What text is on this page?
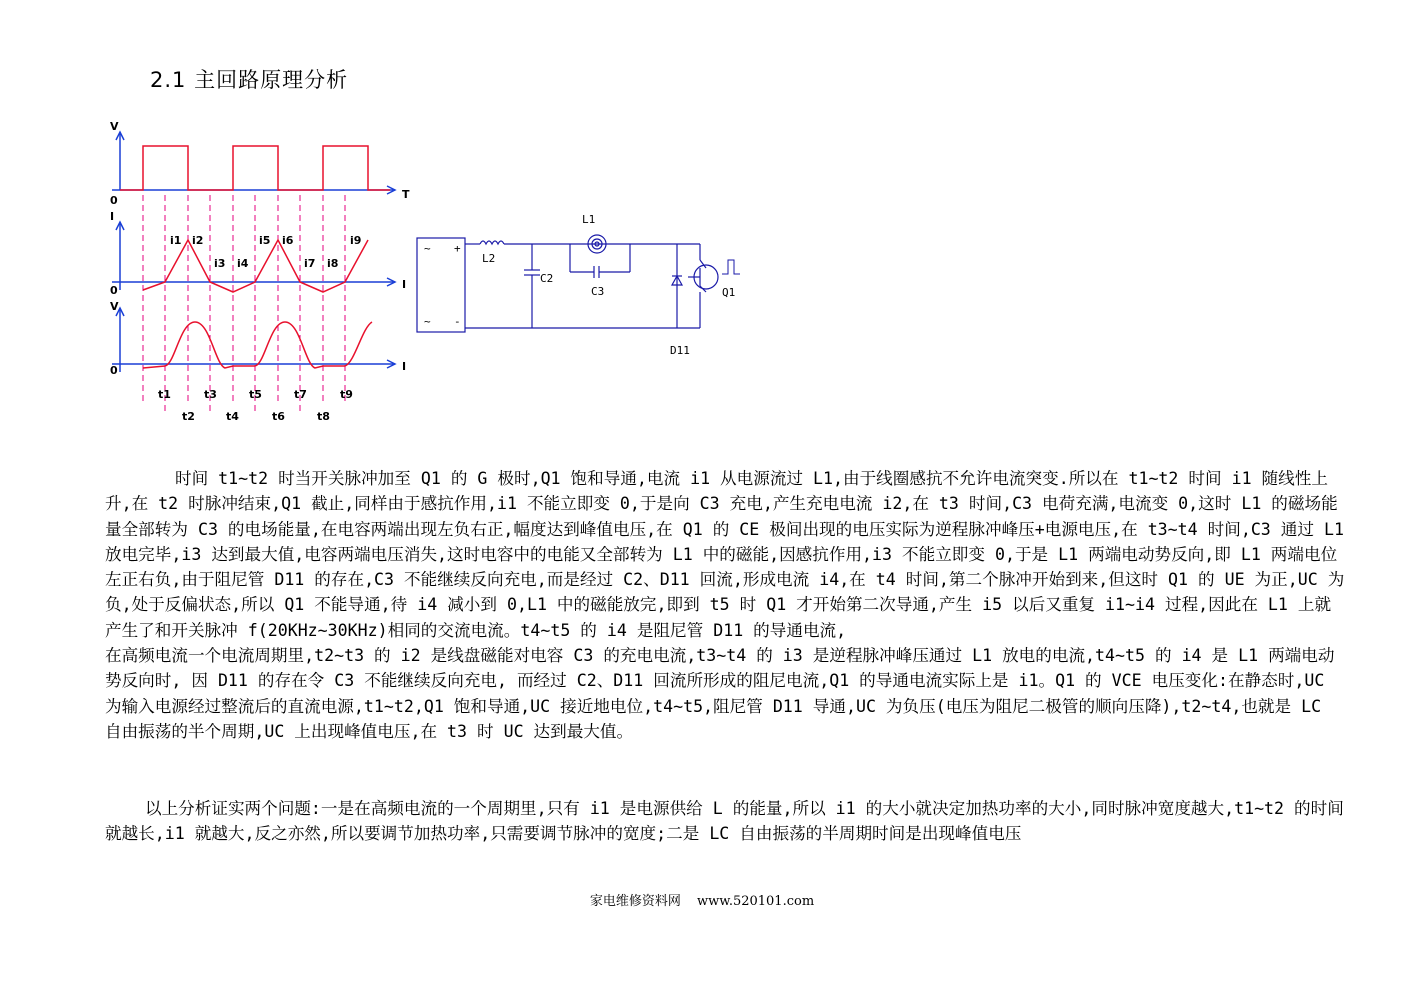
2.1 主回路原理分析
V
0	T
I
0	I
V
0	I
i1 i2
i3 i4
i5 i6
i7 i8
i9
t1	t3	t5	t7	t9
t2	t4	t6	t8
~ +
~ -
L1
L2
C2
C3	Q1
D11
时间 t1~t2 时当开关脉冲加至 Q1 的 G 极时,Q1 饱和导通,电流 i1 从电源流过 L1,由于线圈感抗不允许电流突变.所以在 t1~t2 时间 i1 随线性上升,在 t2 时脉冲结束,Q1 截止,同样由于感抗作用,i1 不能立即变 0,于是向 C3 充电,产生充电电流 i2,在 t3 时间,C3 电荷充满,电流变 0,这时 L1 的磁场能量全部转为 C3 的电场能量,在电容两端出现左负右正,幅度达到峰值电压,在 Q1 的 CE 极间出现的电压实际为逆程脉冲峰压+电源电压,在 t3~t4 时间,C3 通过 L1 放电完毕,i3 达到最大值,电容两端电压消失,这时电容中的电能又全部转为 L1 中的磁能,因感抗作用,i3 不能立即变 0,于是 L1 两端电动势反向,即 L1 两端电位左正右负,由于阻尼管 D11 的存在,C3 不能继续反向充电,而是经过 C2、D11 回流,形成电流 i4,在 t4 时间,第二个脉冲开始到来,但这时 Q1 的 UE 为正,UC 为负,处于反偏状态,所以 Q1 不能导通,待 i4 减小到 0,L1 中的磁能放完,即到 t5 时 Q1 才开始第二次导通,产生 i5 以后又重复 i1~i4 过程,因此在 L1 上就产生了和开关脉冲 f(20KHz~30KHz)相同的交流电流。t4~t5 的 i4 是阻尼管 D11 的导通电流,
在高频电流一个电流周期里,t2~t3 的 i2 是线盘磁能对电容 C3 的充电电流,t3~t4 的 i3 是逆程脉冲峰压通过 L1 放电的电流,t4~t5 的 i4 是 L1 两端电动势反向时, 因 D11 的存在令 C3 不能继续反向充电, 而经过 C2、D11 回流所形成的阻尼电流,Q1 的导通电流实际上是 i1。Q1 的 VCE 电压变化:在静态时,UC 为输入电源经过整流后的直流电源,t1~t2,Q1 饱和导通,UC 接近地电位,t4~t5,阻尼管 D11 导通,UC 为负压(电压为阻尼二极管的顺向压降),t2~t4,也就是 LC 自由振荡的半个周期,UC 上出现峰值电压,在 t3 时 UC 达到最大值。

以上分析证实两个问题:一是在高频电流的一个周期里,只有 i1 是电源供给 L 的能量,所以 i1 的大小就决定加热功率的大小,同时脉冲宽度越大,t1~t2 的时间就越长,i1 就越大,反之亦然,所以要调节加热功率,只需要调节脉冲的宽度;二是 LC 自由振荡的半周期时间是出现峰值电压

家电维修资料网 www.520101.com
